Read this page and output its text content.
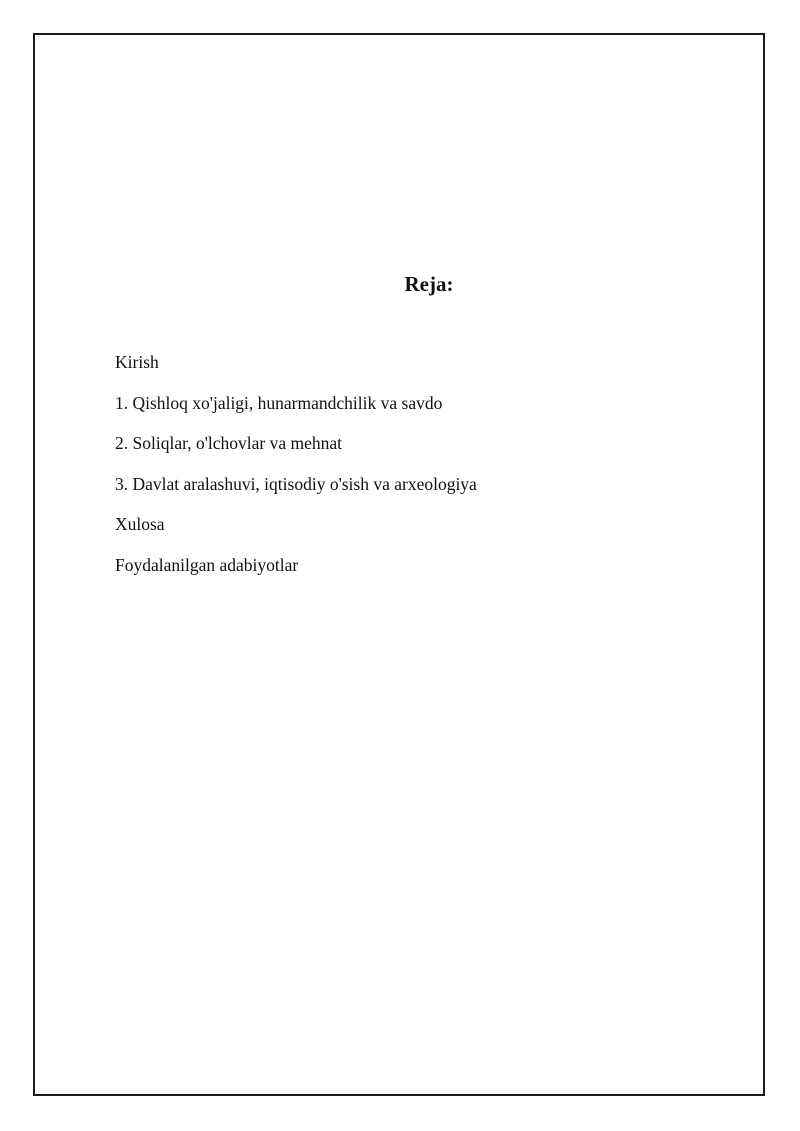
Reja:
Kirish
1. Qishloq xo'jaligi, hunarmandchilik va savdo
2. Soliqlar, o'lchovlar va mehnat
3. Davlat aralashuvi, iqtisodiy o'sish va arxeologiya
Xulosa
Foydalanilgan adabiyotlar
